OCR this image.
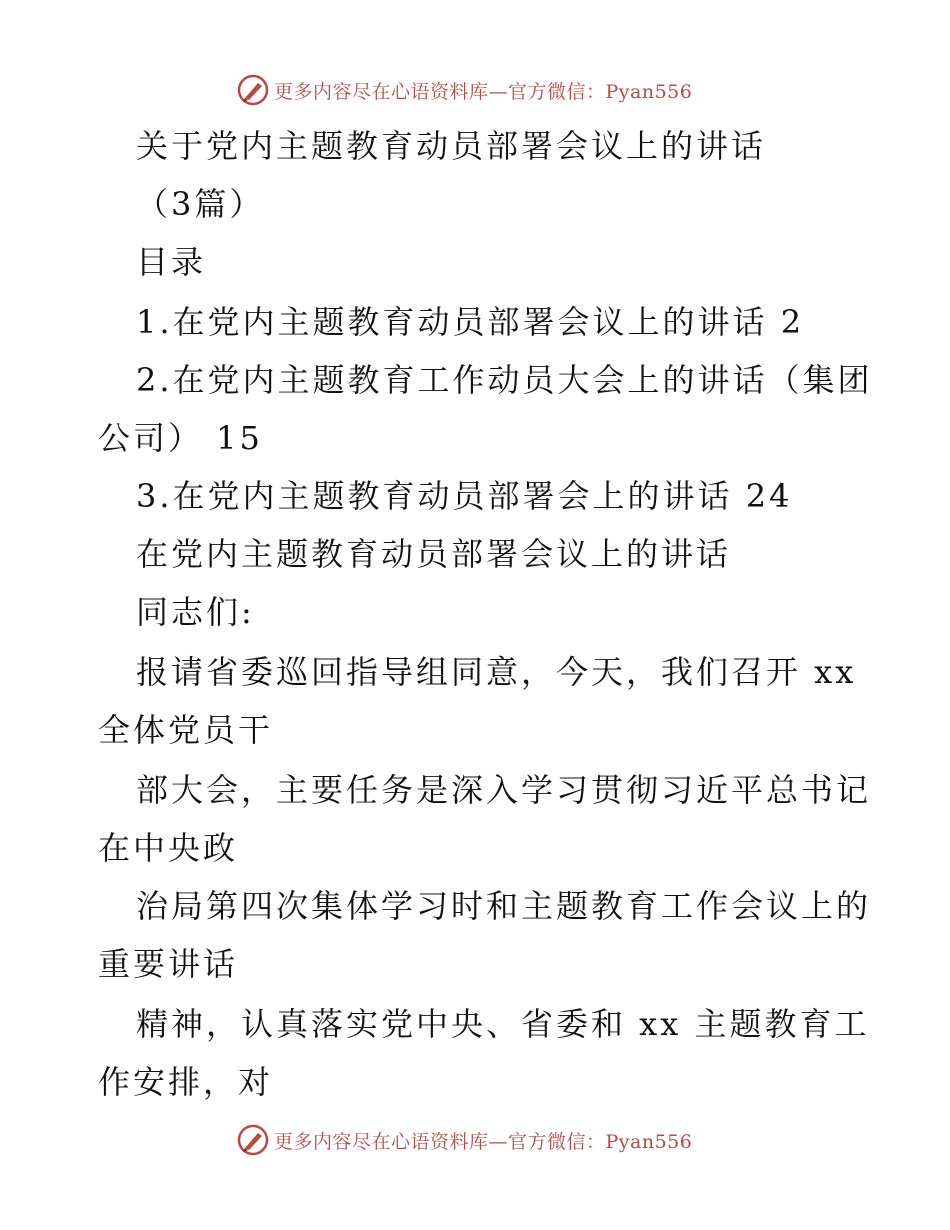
更多内容尽在心语资料库—官方微信：Pyan556
关于党内主题教育动员部署会议上的讲话
（3篇）
目录
1.在党内主题教育动员部署会议上的讲话 2
2.在党内主题教育工作动员大会上的讲话（集团
公司） 15
3.在党内主题教育动员部署会上的讲话 24
在党内主题教育动员部署会议上的讲话
同志们:
报请省委巡回指导组同意，今天，我们召开 xx
全体党员干
部大会，主要任务是深入学习贯彻习近平总书记
在中央政
治局第四次集体学习时和主题教育工作会议上的
重要讲话
精神，认真落实党中央、省委和 xx 主题教育工
作安排，对
更多内容尽在心语资料库—官方微信：Pyan556
